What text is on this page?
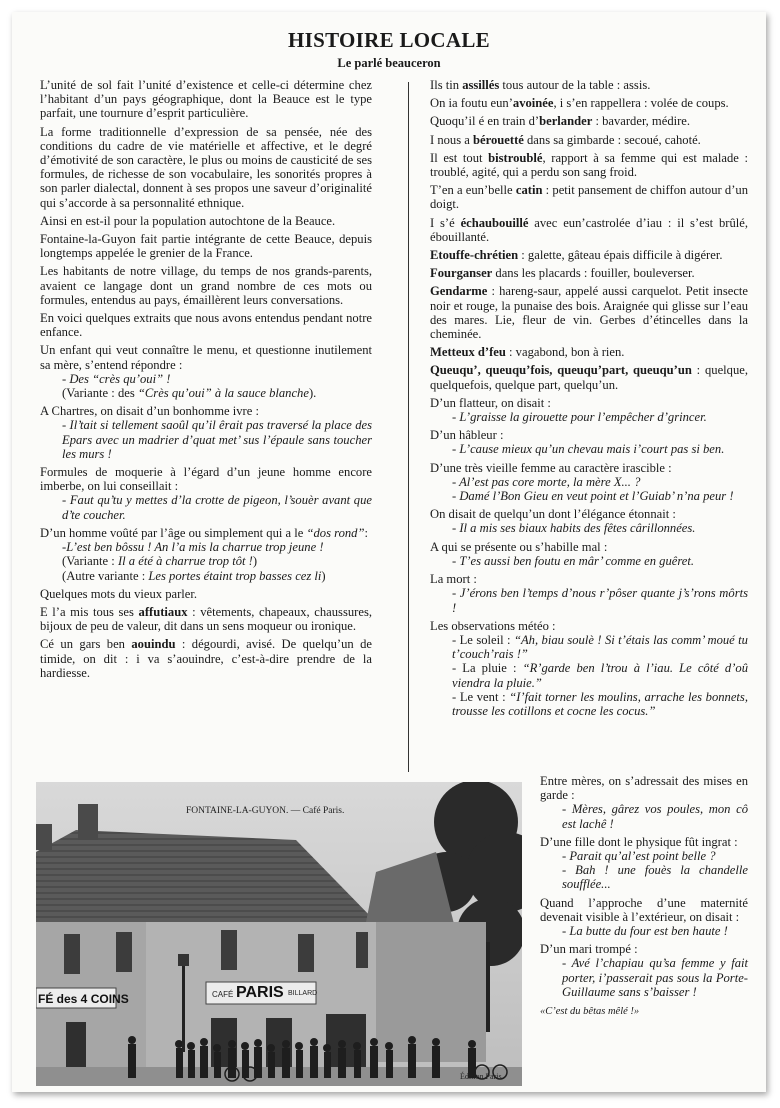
HISTOIRE LOCALE
Le parlé beauceron

L’unité de sol fait l’unité d’existence et celle-ci détermine chez l’habitant d’un pays géographique, dont la Beauce est le type parfait, une tournure d’esprit particulière.

La forme traditionnelle d’expression de sa pensée, née des conditions du cadre de vie matérielle et affective, et le degré d’émotivité de son caractère, le plus ou moins de causticité de ses formules, de richesse de son vocabulaire, les sonorités propres à son parler dialectal, donnent à ses propos une saveur d’originalité qui s’accorde à sa personnalité ethnique.

Ainsi en est-il pour la population autochtone de la Beauce.

Fontaine-la-Guyon fait partie intégrante de cette Beauce, depuis longtemps appelée le grenier de la France.

Les habitants de notre village, du temps de nos grands-parents, avaient ce langage dont un grand nombre de ces mots ou formules, entendus au pays, émaillèrent leurs conversations.

En voici quelques extraits que nous avons entendus pendant notre enfance.

Un enfant qui veut connaître le menu, et questionne inutilement sa mère, s’entend répondre :
- Des “crès qu’oui” !
(Variante : des “Crès qu’oui” à la sauce blanche).

A Chartres, on disait d’un bonhomme ivre :
- Il’tait si tellement saoûl qu’il êrait pas traversé la place des Epars avec un madrier d’quat met’ sus l’épaule sans toucher les murs !

Formules de moquerie à l’égard d’un jeune homme encore imberbe, on lui conseillait :
- Faut qu’tu y mettes d’la crotte de pigeon, l’souèr avant que d’te coucher.

D’un homme voûté par l’âge ou simplement qui a le “dos rond”:
-L’est ben bôssu ! An l’a mis la charrue trop jeune !
(Variante : Il a été à charrue trop tôt !)
(Autre variante : Les portes étaint trop basses cez li)

Quelques mots du vieux parler.

E l’a mis tous ses affutiaux : vêtements, chapeaux, chaussures, bijoux de peu de valeur, dit dans un sens moqueur ou ironique.

Cé un gars ben aouindu : dégourdi, avisé. De quelqu’un de timide, on dit : i va s’aouindre, c’est-à-dire prendre de la hardiesse.

Ils tin assillés tous autour de la table : assis.

On ia foutu eun’avoinée, i s’en rappellera : volée de coups.

Quoqu’il é en train d’berlander : bavarder, médire.

I nous a bérouetté dans sa gimbarde : secoué, cahoté.

Il est tout bistroublé, rapport à sa femme qui est malade : troublé, agité, qui a perdu son sang froid.

T’en a eun’belle catin : petit pansement de chiffon autour d’un doigt.

I s’é échaubouillé avec eun’castrolée d’iau : il s’est brûlé, ébouillanté.

Etouffe-chrétien : galette, gâteau épais difficile à digérer.

Fourganser dans les placards : fouiller, bouleverser.

Gendarme : hareng-saur, appelé aussi carquelot. Petit insecte noir et rouge, la punaise des bois. Araignée qui glisse sur l’eau des mares. Lie, fleur de vin. Gerbes d’étincelles dans la cheminée.

Metteux d’feu : vagabond, bon à rien.

Queuqu’, queuqu’fois, queuqu’part, queuqu’un : quelque, quelquefois, quelque part, quelqu’un.

D’un flatteur, on disait :
- L’graisse la girouette pour l’empêcher d’grincer.

D’un hâbleur :
- L’cause mieux qu’un chevau mais i’court pas si ben.

D’une très vieille femme au caractère irascible :
- Al’est pas core morte, la mère X... ?
- Damé l’Bon Gieu en veut point et l’Guiab’ n’na peur !

On disait de quelqu’un dont l’élégance étonnait :
- Il a mis ses biaux habits des fêtes cârillonnées.

A qui se présente ou s’habille mal :
- T’es aussi ben foutu en mâr’ comme en guêret.

La mort :
- J’érons ben l’temps d’nous r’pôser quante j’s’rons môrts !

Les observations météo :
- Le soleil : “Ah, biau soulè ! Si t’étais las comm’ moué tu t’couch’rais !”
- La pluie : “R’garde ben l’trou à l’iau. Le côté d’oû viendra la pluie.”
- Le vent : “I’fait torner les moulins, arrache les bonnets, trousse les cotillons et cocne les cocus.”

Entre mères, on s’adressait des mises en garde :
- Mères, gârez vos poules, mon cô est lachê !

D’une fille dont le physique fût ingrat :
- Parait qu’al’est point belle ?
- Bah ! une fouès la chandelle soufflée...

Quand l’approche d’une maternité devenait visible à l’extérieur, on disait :
- La butte du four est ben haute !

D’un mari trompé :
- Avé l’chapiau qu’sa femme y fait porter, i’passerait pas sous la Porte-Guillaume sans s’baisser !

«C’est du bêtas mêlé !»
FONTAINE-LA-GUYON. — Café Paris.
FÉ des 4 COINS	CAFÉ PARIS BILLARD
Édition Paris
